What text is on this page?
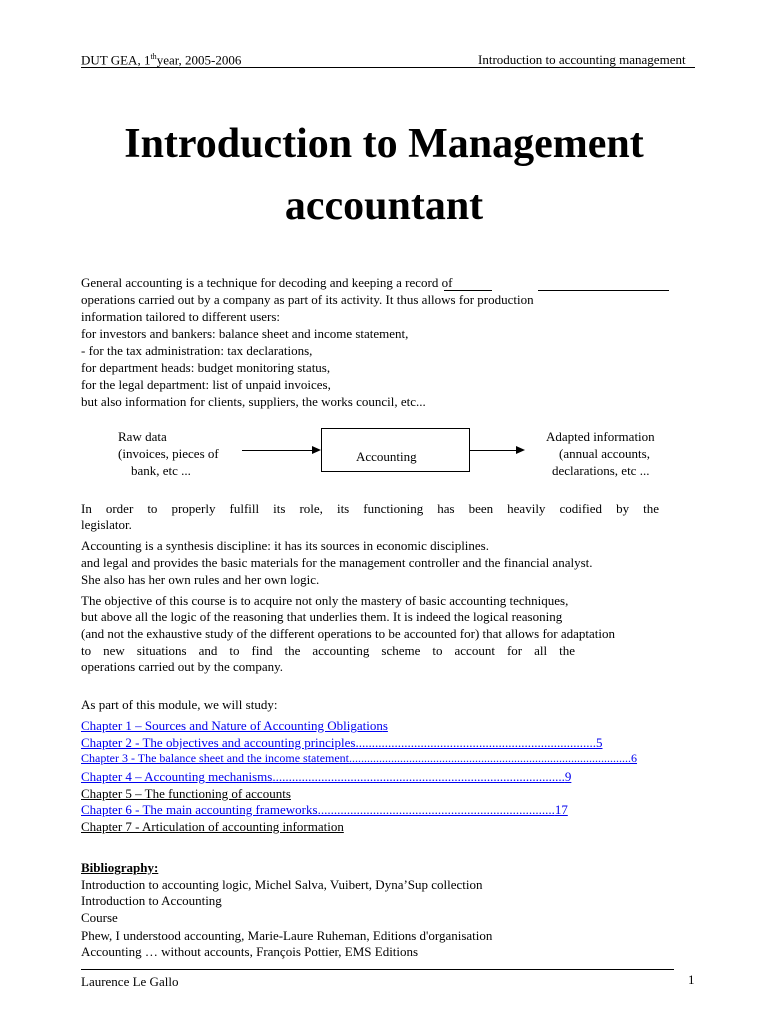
DUT GEA, 1thyear, 2005-2006	Introduction to accounting management
Introduction to Management
accountant
General accounting is a technique for decoding and keeping a record of
operations carried out by a company as part of its activity. It thus allows for production
information tailored to different users:
for investors and bankers: balance sheet and income statement,
- for the tax administration: tax declarations,
for department heads: budget monitoring status,
for the legal department: list of unpaid invoices,
but also information for clients, suppliers, the works council, etc...
Raw data
(invoices, pieces of
bank, etc ...
Accounting
Adapted information
(annual accounts,
declarations, etc ...
In order to properly fulfill its role, its functioning has been heavily codified by the
legislator.
Accounting is a synthesis discipline: it has its sources in economic disciplines.
and legal and provides the basic materials for the management controller and the financial analyst.
She also has her own rules and her own logic.
The objective of this course is to acquire not only the mastery of basic accounting techniques,
but above all the logic of the reasoning that underlies them. It is indeed the logical reasoning
(and not the exhaustive study of the different operations to be accounted for) that allows for adaptation
to new situations and to find the accounting scheme to account for all the
operations carried out by the company.
As part of this module, we will study:
Chapter 1 – Sources and Nature of Accounting Obligations
Chapter 2 - The objectives and accounting principles..........................................................................5
Chapter 3 - The balance sheet and the income statement..............................................................................................6
Chapter 4 – Accounting mechanisms..........................................................................................9
Chapter 5 – The functioning of accounts
Chapter 6 - The main accounting frameworks.........................................................................17
Chapter 7 - Articulation of accounting information
Bibliography:
Introduction to accounting logic, Michel Salva, Vuibert, Dyna’Sup collection
Introduction to Accounting
Course
Phew, I understood accounting, Marie-Laure Ruheman, Editions d'organisation
Accounting … without accounts, François Pottier, EMS Editions
Laurence Le Gallo	1
